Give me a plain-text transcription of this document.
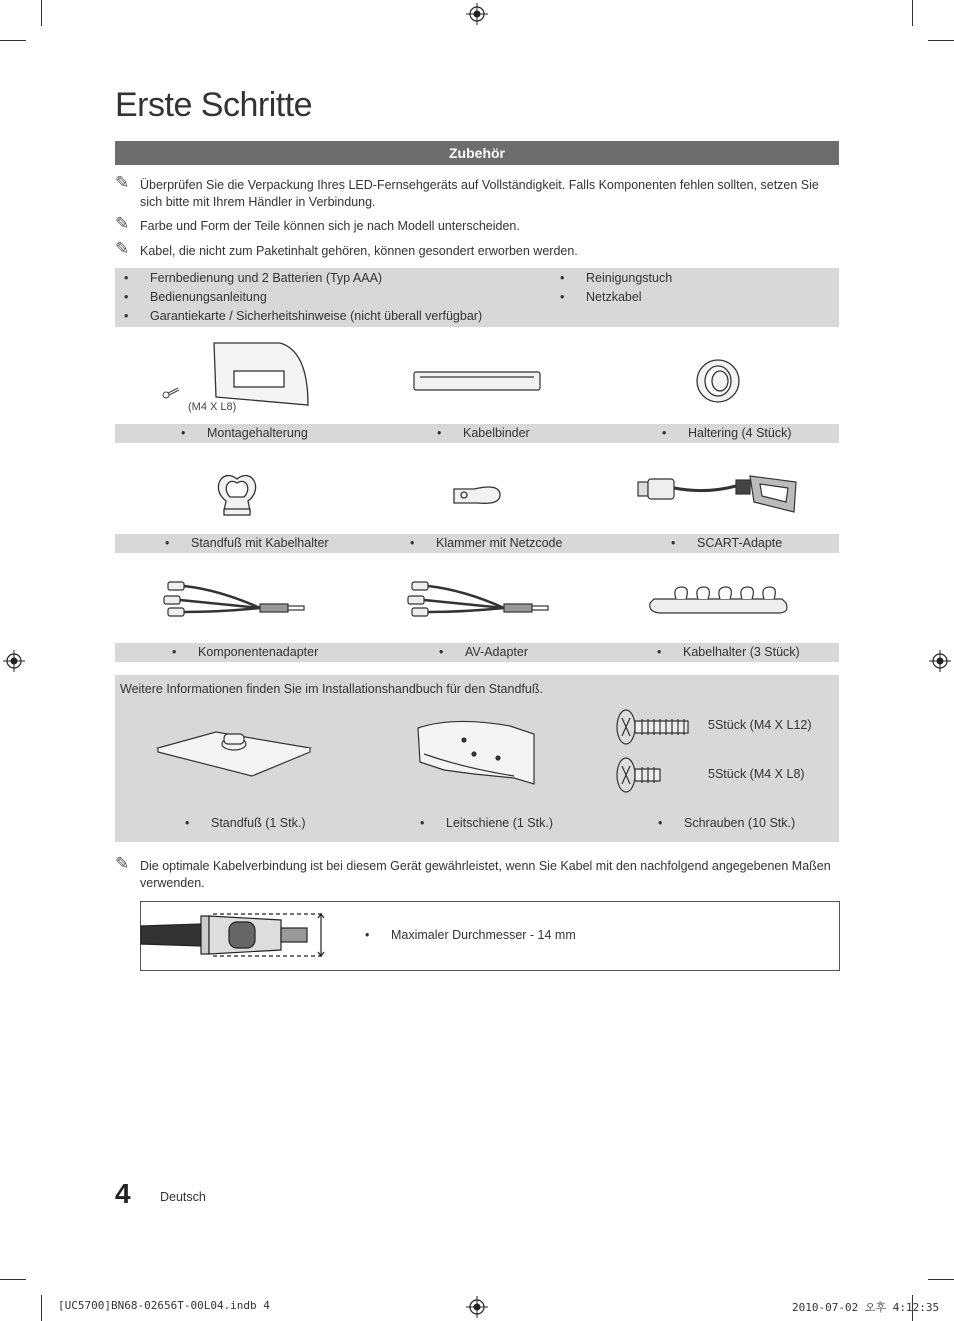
Erste Schritte
Zubehör
✎ Überprüfen Sie die Verpackung Ihres LED-Fernsehgeräts auf Vollständigkeit. Falls Komponenten fehlen sollten, setzen Sie sich bitte mit Ihrem Händler in Verbindung.
✎ Farbe und Form der Teile können sich je nach Modell unterscheiden.
✎ Kabel, die nicht zum Paketinhalt gehören, können gesondert erworben werden.
• Fernbedienung und 2 Batterien (Typ AAA)
• Bedienungsanleitung
• Garantiekarte / Sicherheitshinweise (nicht überall verfügbar)
• Reinigungstuch
• Netzkabel
(M4 X L8)
• Montagehalterung	• Kabelbinder	• Haltering (4 Stück)
• Standfuß mit Kabelhalter	• Klammer mit Netzcode	• SCART-Adapte
• Komponentenadapter	• AV-Adapter	• Kabelhalter (3 Stück)
Weitere Informationen finden Sie im Installationshandbuch für den Standfuß.
5Stück (M4 X L12)
5Stück (M4 X L8)
• Standfuß (1 Stk.)	• Leitschiene (1 Stk.)	• Schrauben (10 Stk.)
✎ Die optimale Kabelverbindung ist bei diesem Gerät gewährleistet, wenn Sie Kabel mit den nachfolgend angegebenen Maßen verwenden.
• Maximaler Durchmesser - 14 mm
4 Deutsch
[UC5700]BN68-02656T-00L04.indb 4	2010-07-02 오후 4:12:35
